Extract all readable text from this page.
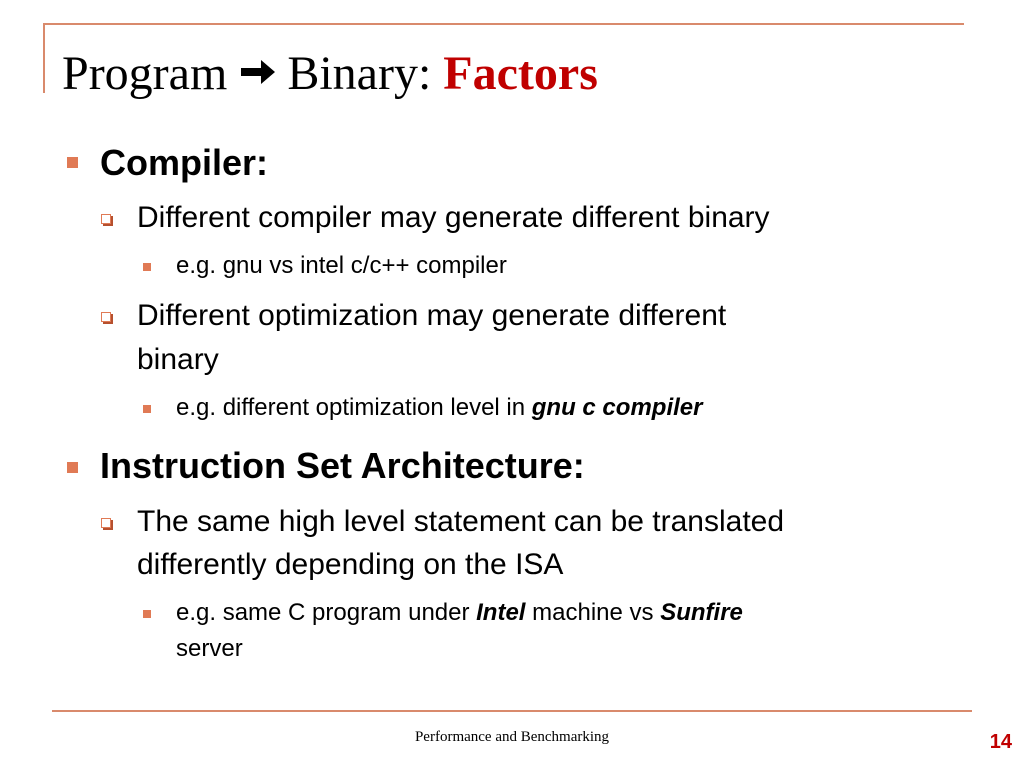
Program Binary: Factors
Compiler:
Different compiler may generate different binary
e.g. gnu vs intel c/c++ compiler
Different optimization may generate different
binary
e.g. different optimization level in gnu c compiler
Instruction Set Architecture:
The same high level statement can be translated
differently depending on the ISA
e.g. same C program under Intel machine vs Sunfire
server
Performance and Benchmarking	14
